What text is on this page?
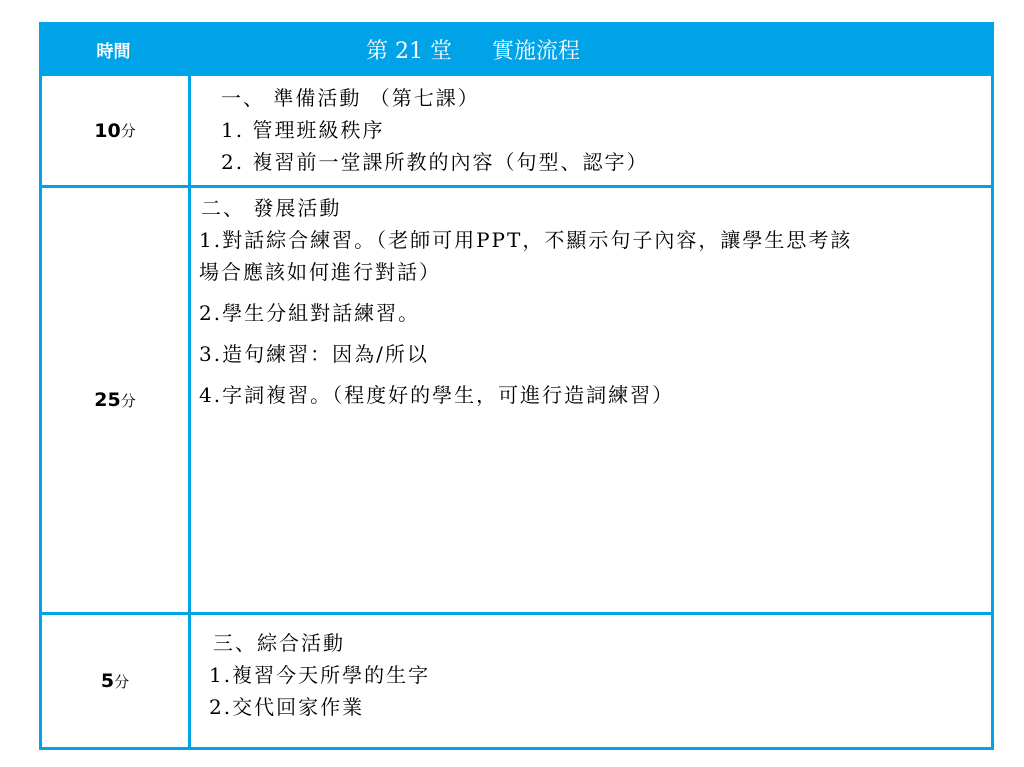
時間	第 21 堂 實施流程
10 分
一、 準備活動 （第七課）
1. 管理班級秩序
2. 複習前一堂課所教的內容（句型、認字）
25 分
二、 發展活動
1.對話綜合練習。（老師可用PPT，不顯示句子內容，讓學生思考該
場合應該如何進行對話）
2.學生分組對話練習。
3.造句練習：因為/所以
4.字詞複習。（程度好的學生，可進行造詞練習）
5 分
三、綜合活動
1.複習今天所學的生字
2.交代回家作業
